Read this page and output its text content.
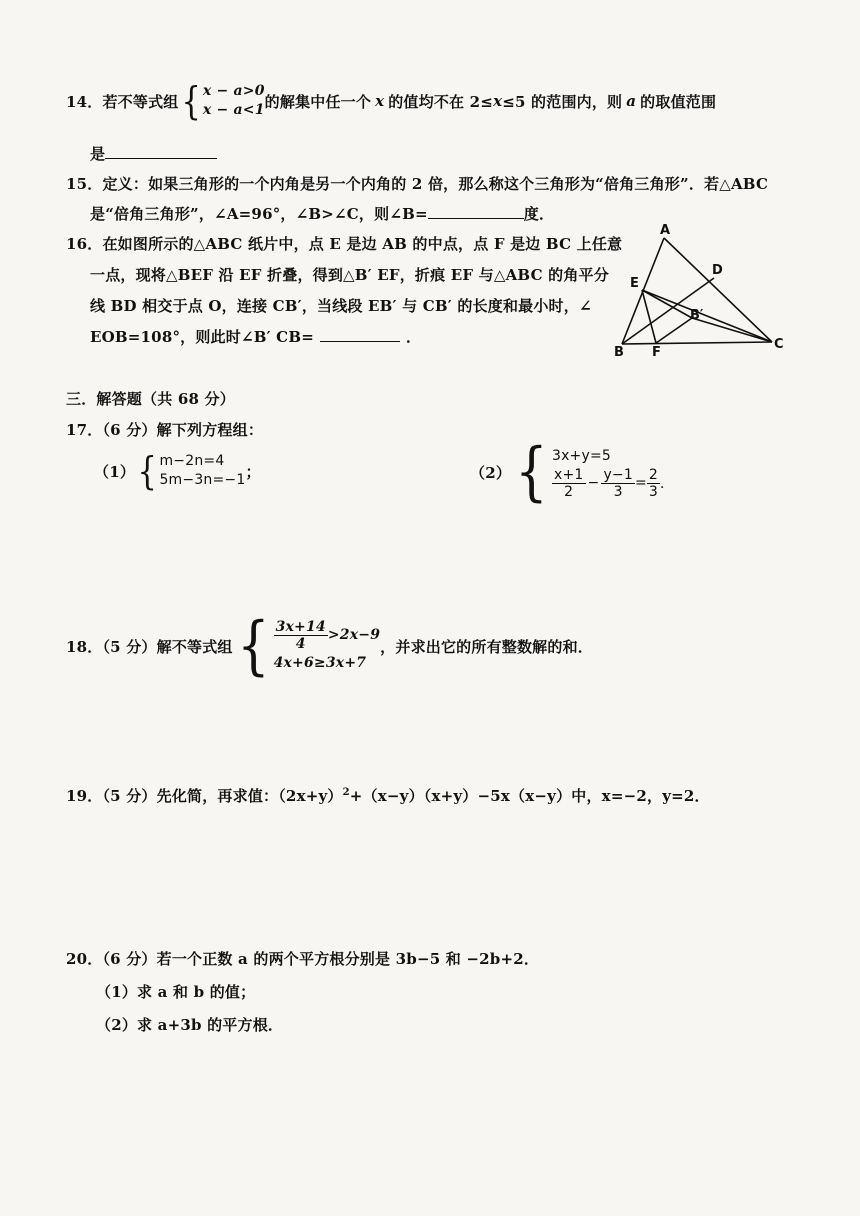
14． 若不等式组 { x − a>0
x − a<1 的解集中任一个 x 的值均不在 2≤ x ≤5 的范围内，则 a 的取值范围
是
15．定义：如果三角形的一个内角是另一个内角的 2 倍，那么称这个三角形为“倍角三角形”．若△ABC
是“倍角三角形”，∠A=96°，∠B>∠C，则∠B=	度．
16．在如图所示的△ABC 纸片中，点 E 是边 AB 的中点，点 F 是边 BC 上任意
一点，现将△BEF 沿 EF 折叠，得到△B′ EF，折痕 EF 与△ABC 的角平分
线 BD 相交于点 O，连接 CB′，当线段 EB′ 与 CB′ 的长度和最小时，∠
EOB=108°，则此时∠B′ CB=	．
A
D
E
B′
B F
C
三．解答题（共 68 分）
17．（6 分）解下列方程组：
（1） { m−2n=4
5m−3n=−1 ；	（2） { 3x+y=5
$\frac{x+1}{2} - \frac{y-1}{3} = \frac{2}{3}$ ．
18．（5 分）解不等式组 { $\frac{3x+14}{4} >2x-9$
4x+6≥3x+7
，并求出它的所有整数解的和．
19．（5 分）先化简，再求值：$(2x+y)^2+(x-y)(x+y)-5x(x-y)$中，x=−2，y=2．
20．（6 分）若一个正数 a 的两个平方根分别是 3b−5 和 −2b+2．
（1）求 a 和 b 的值；
（2）求 a+3b 的平方根．
